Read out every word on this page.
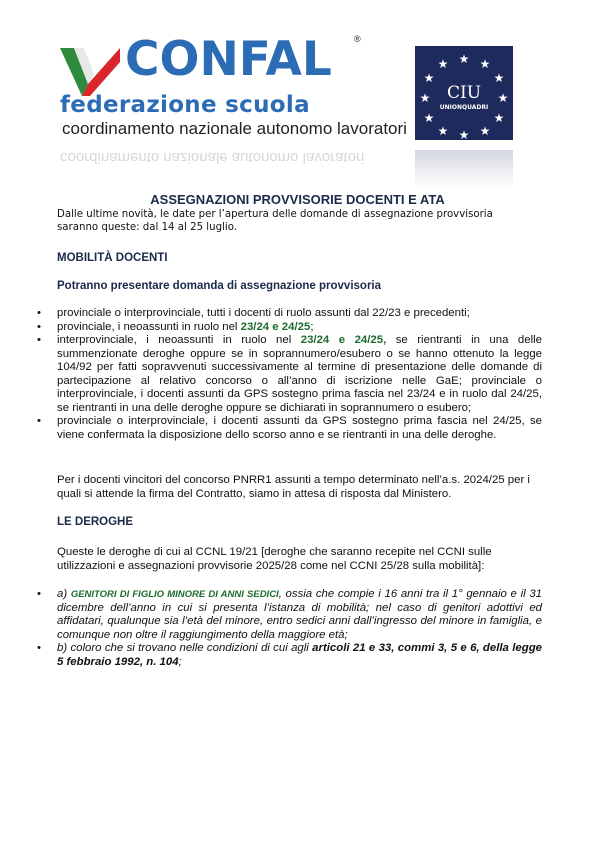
CONFAL ®
federazione scuola
coordinamento nazionale autonomo lavoratori
coordinamento nazionale autonomo lavoratori
★ ★
★
★
★
★
★
★
★
★
★
★
CIU
UNIONQUADRI
ASSEGNAZIONI PROVVISORIE DOCENTI E ATA
Dalle ultime novità, le date per l’apertura delle domande di assegnazione provvisoria saranno queste: dal 14 al 25 luglio.
MOBILITÀ DOCENTI
Potranno presentare domanda di assegnazione provvisoria
• provinciale o interprovinciale, tutti i docenti di ruolo assunti dal 22/23 e precedenti;
• provinciale, i neoassunti in ruolo nel 23/24 e 24/25;
• interprovinciale, i neoassunti in ruolo nel 23/24 e 24/25, se rientranti in una delle summenzionate deroghe oppure se in soprannumero/esubero o se hanno ottenuto la legge 104/92 per fatti sopravvenuti successivamente al termine di presentazione delle domande di partecipazione al relativo concorso o all’anno di iscrizione nelle GaE; provinciale o interprovinciale, i docenti assunti da GPS sostegno prima fascia nel 23/24 e in ruolo dal 24/25, se rientranti in una delle deroghe oppure se dichiarati in soprannumero o esubero;
• provinciale o interprovinciale, i docenti assunti da GPS sostegno prima fascia nel 24/25, se viene confermata la disposizione dello scorso anno e se rientranti in una delle deroghe.
Per i docenti vincitori del concorso PNRR1 assunti a tempo determinato nell’a.s. 2024/25 per i quali si attende la firma del Contratto, siamo in attesa di risposta dal Ministero.
LE DEROGHE
Queste le deroghe di cui al CCNL 19/21 [deroghe che saranno recepite nel CCNI sulle utilizzazioni e assegnazioni provvisorie 2025/28 come nel CCNI 25/28 sulla mobilità]:
• a) GENITORI DI FIGLIO MINORE DI ANNI SEDICI, ossia che compie i 16 anni tra il 1° gennaio e il 31 dicembre dell’anno in cui si presenta l’istanza di mobilità; nel caso di genitori adottivi ed affidatari, qualunque sia l’età del minore, entro sedici anni dall’ingresso del minore in famiglia, e comunque non oltre il raggiungimento della maggiore età;
• b) coloro che si trovano nelle condizioni di cui agli articoli 21 e 33, commi 3, 5 e 6, della legge 5 febbraio 1992, n. 104;
